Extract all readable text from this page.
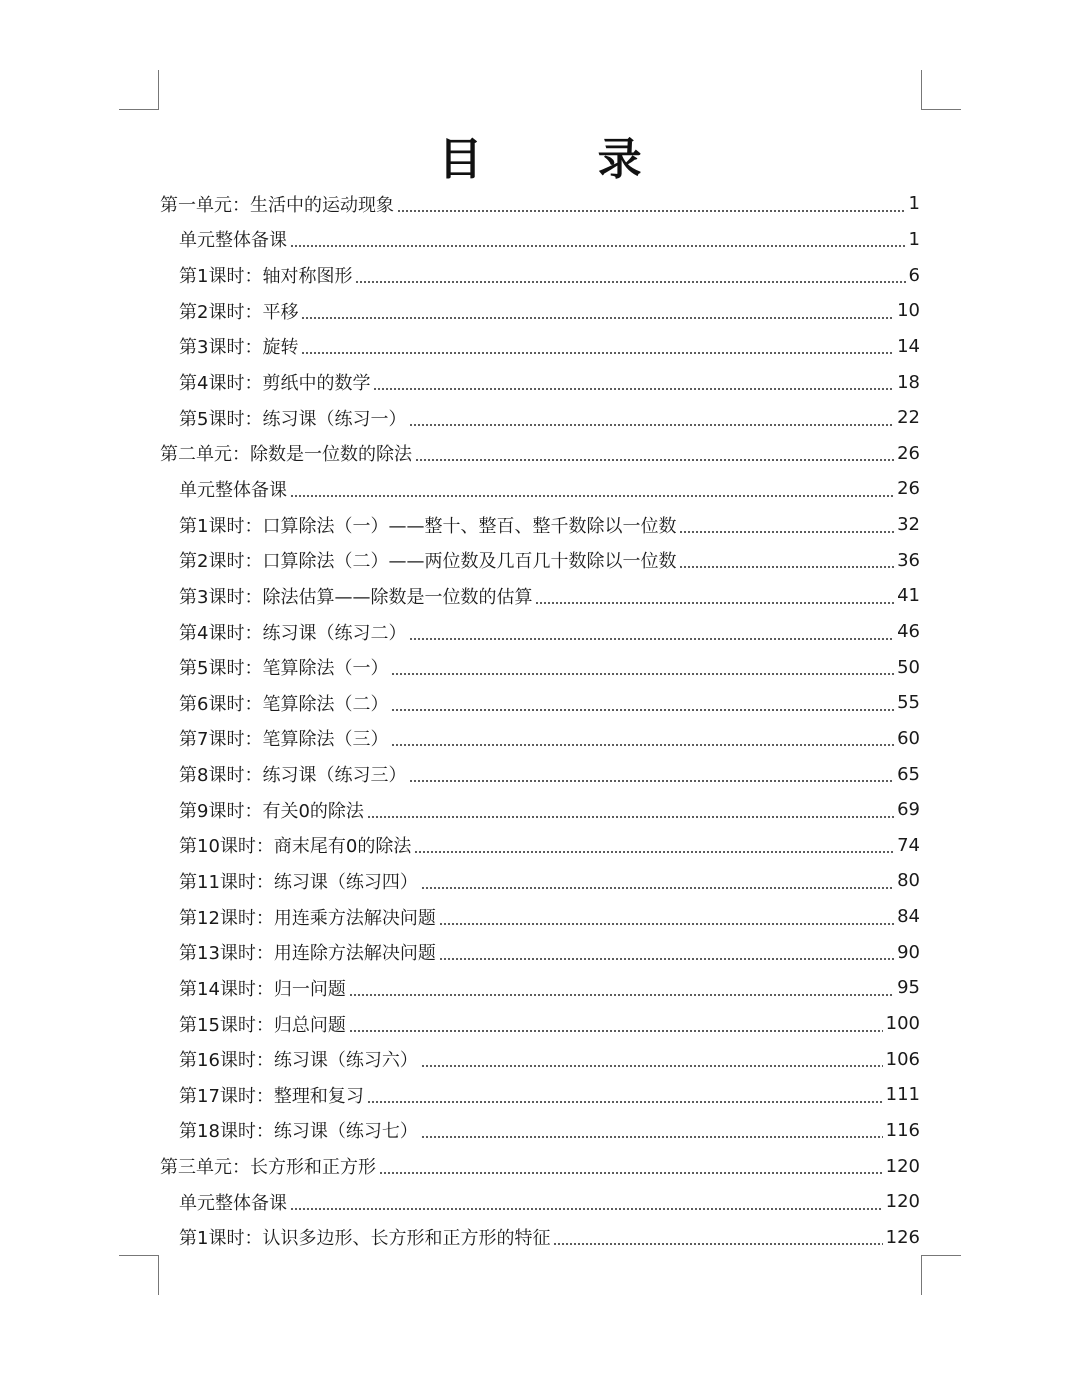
目 录
第一单元：生活中的运动现象	1
单元整体备课	1
第1课时：轴对称图形	6
第2课时：平移	10
第3课时：旋转	14
第4课时：剪纸中的数学	18
第5课时：练习课（练习一）	22
第二单元：除数是一位数的除法	26
单元整体备课	26
第1课时：口算除法（一）——整十、整百、整千数除以一位数	32
第2课时：口算除法（二）——两位数及几百几十数除以一位数	36
第3课时：除法估算——除数是一位数的估算	41
第4课时：练习课（练习二）	46
第5课时：笔算除法（一）	50
第6课时：笔算除法（二）	55
第7课时：笔算除法（三）	60
第8课时：练习课（练习三）	65
第9课时：有关0的除法	69
第10课时：商末尾有0的除法	74
第11课时：练习课（练习四）	80
第12课时：用连乘方法解决问题	84
第13课时：用连除方法解决问题	90
第14课时：归一问题	95
第15课时：归总问题	100
第16课时：练习课（练习六）	106
第17课时：整理和复习	111
第18课时：练习课（练习七）	116
第三单元：长方形和正方形	120
单元整体备课	120
第1课时：认识多边形、长方形和正方形的特征	126
